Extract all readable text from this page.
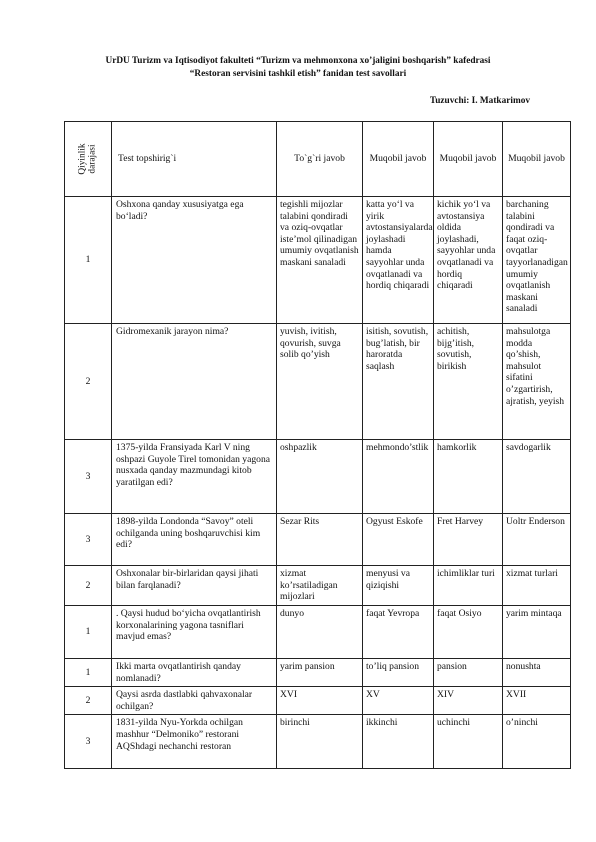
UrDU Turizm va Iqtisodiyot fakulteti “Turizm va mehmonxona xo’jaligini boshqarish” kafedrasi
“Restoran servisini tashkil etish” fanidan test savollari
Tuzuvchi: I. Matkarimov
Qiyinlik
darajasi	Test topshirig`i	To`g`ri javob	Muqobil javob	Muqobil javob	Muqobil javob
1	Oshxona qanday xususiyatga ega bo‘ladi?	tegishli mijozlar talabini qondiradi va oziq-ovqatlar iste’mol qilinadigan umumiy ovqatlanish maskani sanaladi	katta yo‘l va yirik avtostansiyalarda joylashadi hamda sayyohlar unda ovqatlanadi va hordiq chiqaradi	kichik yo‘l va avtostansiya oldida joylashadi, sayyohlar unda ovqatlanadi va hordiq chiqaradi	barchaning talabini qondiradi va faqat oziq-ovqatlar tayyorlanadigan umumiy ovqatlanish maskani sanaladi
2	Gidromexanik jarayon nima?	yuvish, ivitish, qovurish, suvga solib qo’yish	isitish, sovutish, bug’latish, bir haroratda saqlash	achitish, bijg’itish, sovutish, birikish	mahsulotga modda qo’shish, mahsulot sifatini o’zgartirish, ajratish, yeyish
3	1375-yilda Fransiyada Karl V ning oshpazi Guyole Tirel tomonidan yagona nusxada qanday mazmundagi kitob yaratilgan edi?	oshpazlik	mehmondo’stlik	hamkorlik	savdogarlik
3	1898-yilda Londonda “Savoy” oteli ochilganda uning boshqaruvchisi kim edi?	Sezar Rits	Ogyust Eskofe	Fret Harvey	Uoltr Enderson
2	Oshxonalar bir-birlaridan qaysi jihati bilan farqlanadi?	xizmat ko’rsatiladigan mijozlari	menyusi va qiziqishi	ichimliklar turi	xizmat turlari
1	. Qaysi hudud bo‘yicha ovqatlantirish korxonalarining yagona tasniflari mavjud emas?	dunyo	faqat Yevropa	faqat Osiyo	yarim mintaqa
1	Ikki marta ovqatlantirish qanday nomlanadi?	yarim pansion	to’liq pansion	pansion	nonushta
2	Qaysi asrda dastlabki qahvaxonalar ochilgan?	XVI	XV	XIV	XVII
3	1831-yilda Nyu-Yorkda ochilgan mashhur “Delmoniko” restorani AQShdagi nechanchi restoran	birinchi	ikkinchi	uchinchi	o’ninchi
